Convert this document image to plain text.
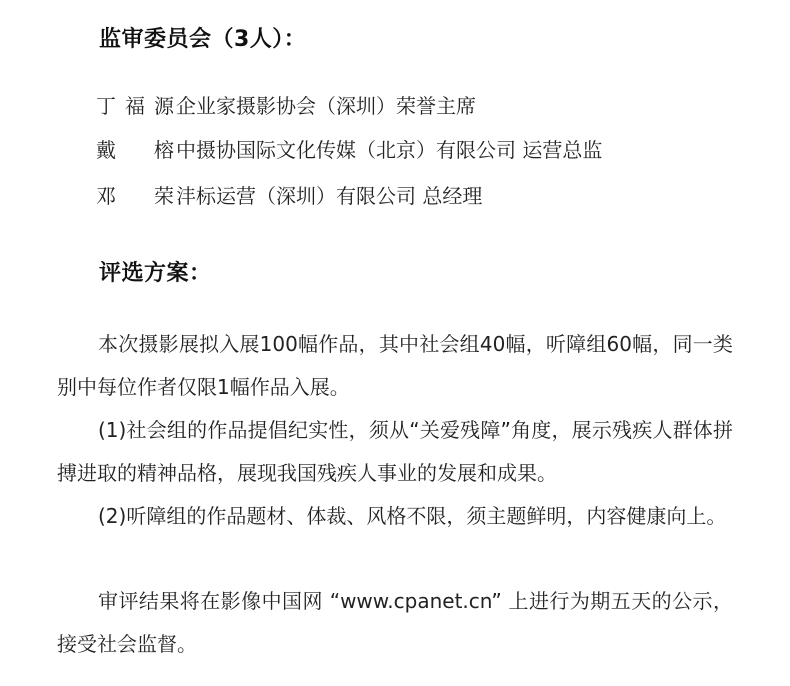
监审委员会（3人）：
丁福源 企业家摄影协会（深圳）荣誉主席
戴 榕 中摄协国际文化传媒（北京）有限公司 运营总监
邓 荣 沣标运营（深圳）有限公司 总经理
评选方案：

本次摄影展拟入展100幅作品，其中社会组40幅，听障组60幅，同一类别中每位作者仅限1幅作品入展。

(1)社会组的作品提倡纪实性，须从“关爱残障”角度，展示残疾人群体拼搏进取的精神品格，展现我国残疾人事业的发展和成果。

(2)听障组的作品题材、体裁、风格不限，须主题鲜明，内容健康向上。

审评结果将在影像中国网 “www.cpanet.cn” 上进行为期五天的公示，接受社会监督。
